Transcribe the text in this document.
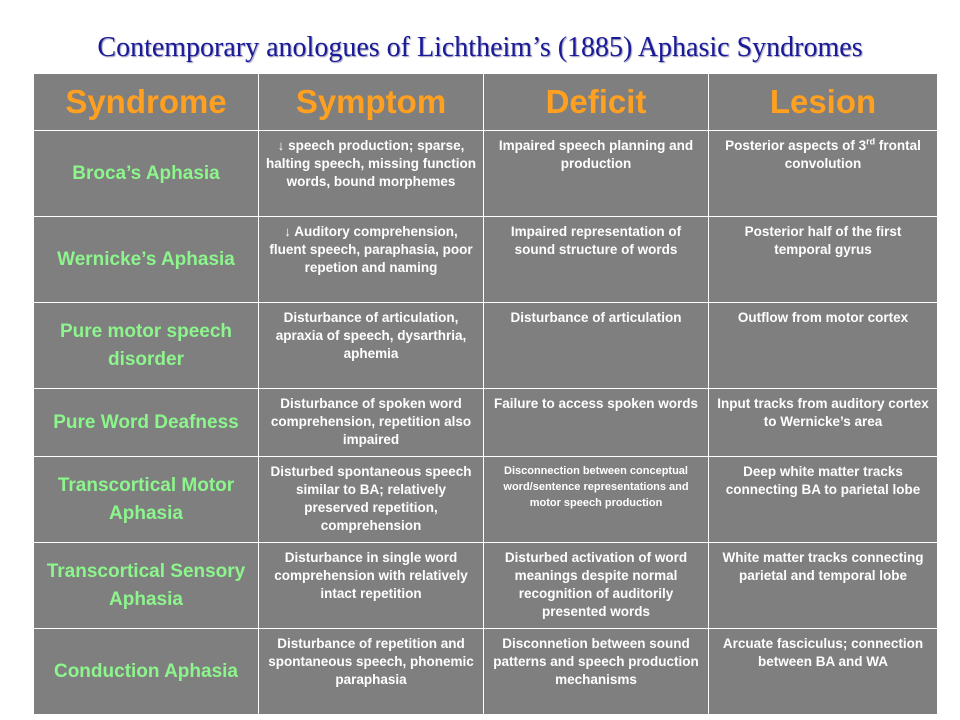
Contemporary anologues of Lichtheim’s (1885) Aphasic Syndromes
Syndrome	Symptom	Deficit	Lesion
Broca’s Aphasia	↓ speech production; sparse, halting speech, missing function words, bound morphemes	Impaired speech planning and production	Posterior aspects of 3rd frontal convolution
Wernicke’s Aphasia	↓ Auditory comprehension, fluent speech, paraphasia, poor repetion and naming	Impaired representation of sound structure of words	Posterior half of the first temporal gyrus
Pure motor speech disorder	Disturbance of articulation, apraxia of speech, dysarthria, aphemia	Disturbance of articulation	Outflow from motor cortex
Pure Word Deafness	Disturbance of spoken word comprehension, repetition also impaired	Failure to access spoken words	Input tracks from auditory cortex to Wernicke’s area
Transcortical Motor Aphasia	Disturbed spontaneous speech similar to BA; relatively preserved repetition, comprehension	Disconnection between conceptual word/sentence representations and motor speech production	Deep white matter tracks connecting BA to parietal lobe
Transcortical Sensory Aphasia	Disturbance in single word comprehension with relatively intact repetition	Disturbed activation of word meanings despite normal recognition of auditorily presented words	White matter tracks connecting parietal and temporal lobe
Conduction Aphasia	Disturbance of repetition and spontaneous speech, phonemic paraphasia	Disconnetion between sound patterns and speech production mechanisms	Arcuate fasciculus; connection between BA and WA
